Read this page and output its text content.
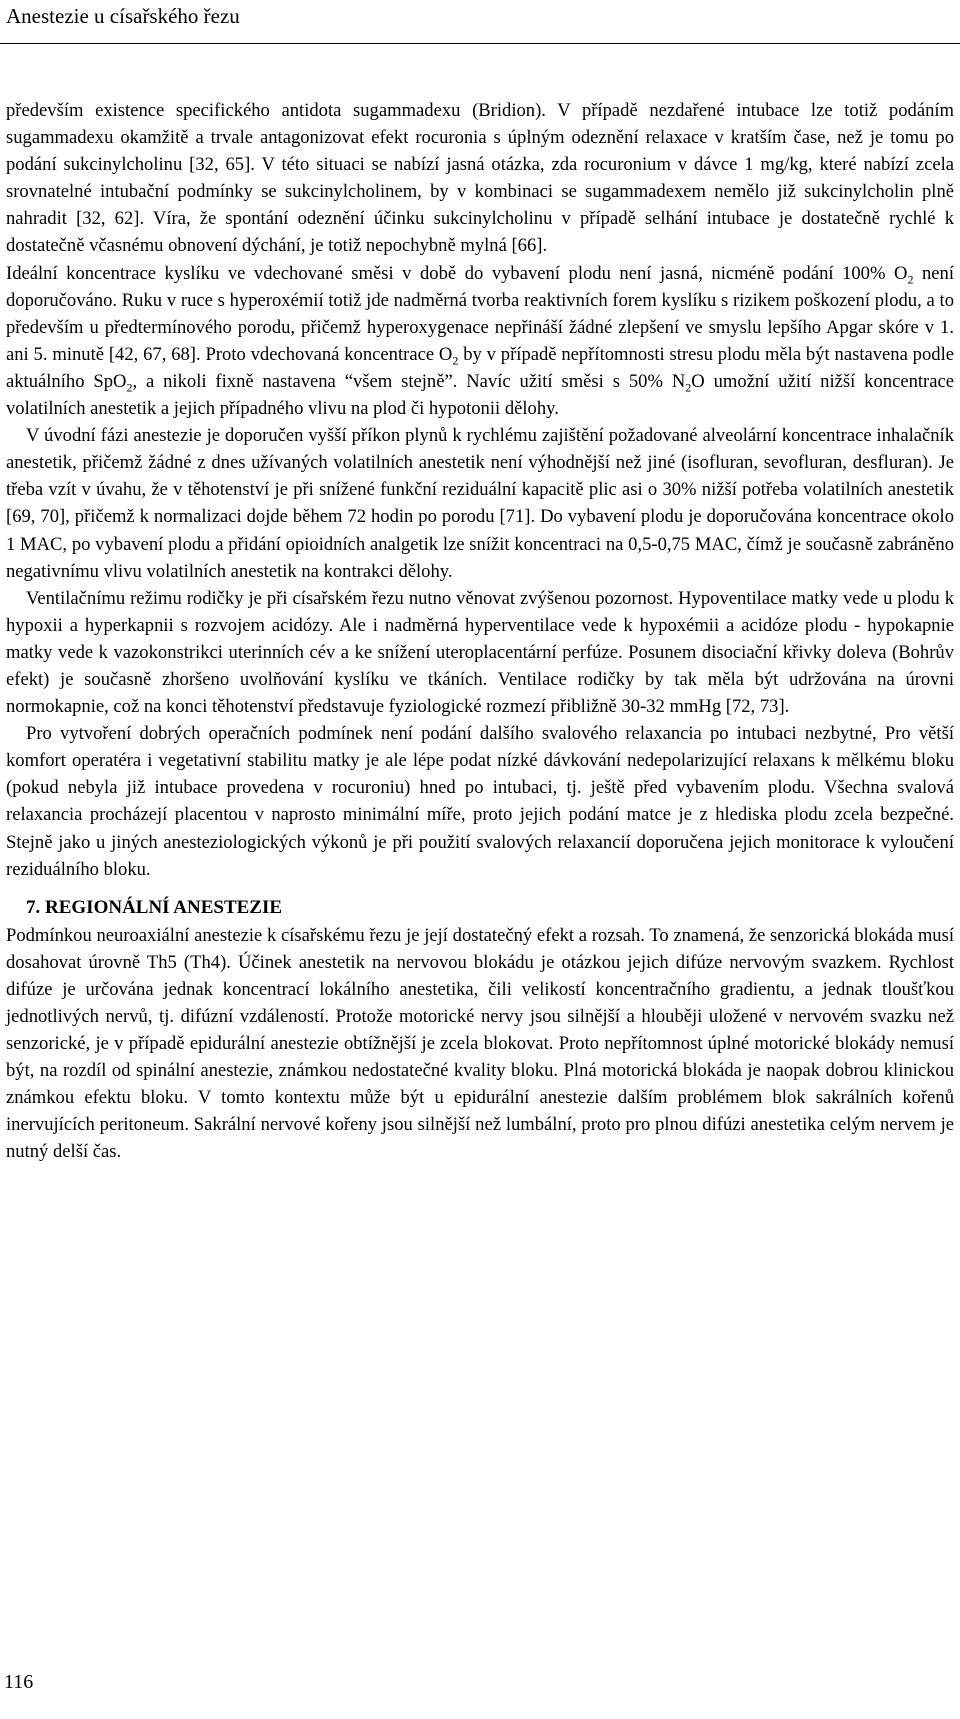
Anestezie u císařského řezu

především existence specifického antidota sugammadexu (Bridion). V případě nezdařené intubace lze totiž podáním sugammadexu okamžitě a trvale antagonizovat efekt rocuronia s úplným odeznění relaxace v kratším čase, než je tomu po podání sukcinylcholinu [32, 65]. V této situaci se nabízí jasná otázka, zda rocuronium v dávce 1 mg/kg, které nabízí zcela srovnatelné intubační podmínky se sukcinylcholinem, by v kombinaci se sugammadexem nemělo již sukcinylcholin plně nahradit [32, 62]. Víra, že spontání odeznění účinku sukcinylcholinu v případě selhání intubace je dostatečně rychlé k dostatečně včasnému obnovení dýchání, je totiž nepochybně mylná [66].

Ideální koncentrace kyslíku ve vdechované směsi v době do vybavení plodu není jasná, nicméně podání 100% $O_2$ není doporučováno. Ruku v ruce s hyperoxémií totiž jde nadměrná tvorba reaktivních forem kyslíku s rizikem poškození plodu, a to především u předtermínového porodu, přičemž hyperoxygenace nepřináší žádné zlepšení ve smyslu lepšího Apgar skóre v 1. ani 5. minutě [42, 67, 68]. Proto vdechovaná koncentrace $O_2$ by v případě nepřítomnosti stresu plodu měla být nastavena podle aktuálního SpO$_2$, a nikoli fixně nastavena “všem stejně”. Navíc užití směsi s 50% $N_2O$ umožní užití nižší koncentrace volatilních anestetik a jejich případného vlivu na plod či hypotonii dělohy.

V úvodní fázi anestezie je doporučen vyšší příkon plynů k rychlému zajištění požadované alveolární koncentrace inhalačník anestetik, přičemž žádné z dnes užívaných volatilních anestetik není výhodnější než jiné (isofluran, sevofluran, desfluran). Je třeba vzít v úvahu, že v těhotenství je při snížené funkční reziduální kapacitě plic asi o 30% nižší potřeba volatilních anestetik [69, 70], přičemž k normalizaci dojde během 72 hodin po porodu [71]. Do vybavení plodu je doporučována koncentrace okolo 1 MAC, po vybavení plodu a přidání opioidních analgetik lze snížit koncentraci na 0,5-0,75 MAC, čímž je současně zabráněno negativnímu vlivu volatilních anestetik na kontrakci dělohy.

Ventilačnímu režimu rodičky je při císařském řezu nutno věnovat zvýšenou pozornost. Hypoventilace matky vede u plodu k hypoxii a hyperkapnii s rozvojem acidózy. Ale i nadměrná hyperventilace vede k hypoxémii a acidóze plodu - hypokapnie matky vede k vazokonstrikci uterinních cév a ke snížení uteroplacentární perfúze. Posunem disociační křivky doleva (Bohrův efekt) je současně zhoršeno uvolňování kyslíku ve tkáních. Ventilace rodičky by tak měla být udržována na úrovni normokapnie, což na konci těhotenství představuje fyziologické rozmezí přibližně 30-32 mmHg [72, 73].

Pro vytvoření dobrých operačních podmínek není podání dalšího svalového relaxancia po intubaci nezbytné, Pro větší komfort operatéra i vegetativní stabilitu matky je ale lépe podat nízké dávkování nedepolarizující relaxans k mělkému bloku (pokud nebyla již intubace provedena v rocuroniu) hned po intubaci, tj. ještě před vybavením plodu. Všechna svalová relaxancia procházejí placentou v naprosto minimální míře, proto jejich podání matce je z hlediska plodu zcela bezpečné. Stejně jako u jiných anesteziologických výkonů je při použití svalových relaxancií doporučena jejich monitorace k vyloučení reziduálního bloku.

7. REGIONÁLNÍ ANESTEZIE

Podmínkou neuroaxiální anestezie k císařskému řezu je její dostatečný efekt a rozsah. To znamená, že senzorická blokáda musí dosahovat úrovně Th5 (Th4). Účinek anestetik na nervovou blokádu je otázkou jejich difúze nervovým svazkem. Rychlost difúze je určována jednak koncentrací lokálního anestetika, čili velikostí koncentračního gradientu, a jednak tloušťkou jednotlivých nervů, tj. difúzní vzdáleností. Protože motorické nervy jsou silnější a hlouběji uložené v nervovém svazku než senzorické, je v případě epidurální anestezie obtížnější je zcela blokovat. Proto nepřítomnost úplné motorické blokády nemusí být, na rozdíl od spinální anestezie, známkou nedostatečné kvality bloku. Plná motorická blokáda je naopak dobrou klinickou známkou efektu bloku. V tomto kontextu může být u epidurální anestezie dalším problémem blok sakrálních kořenů inervujících peritoneum. Sakrální nervové kořeny jsou silnější než lumbální, proto pro plnou difúzi anestetika celým nervem je nutný delší čas.

116
